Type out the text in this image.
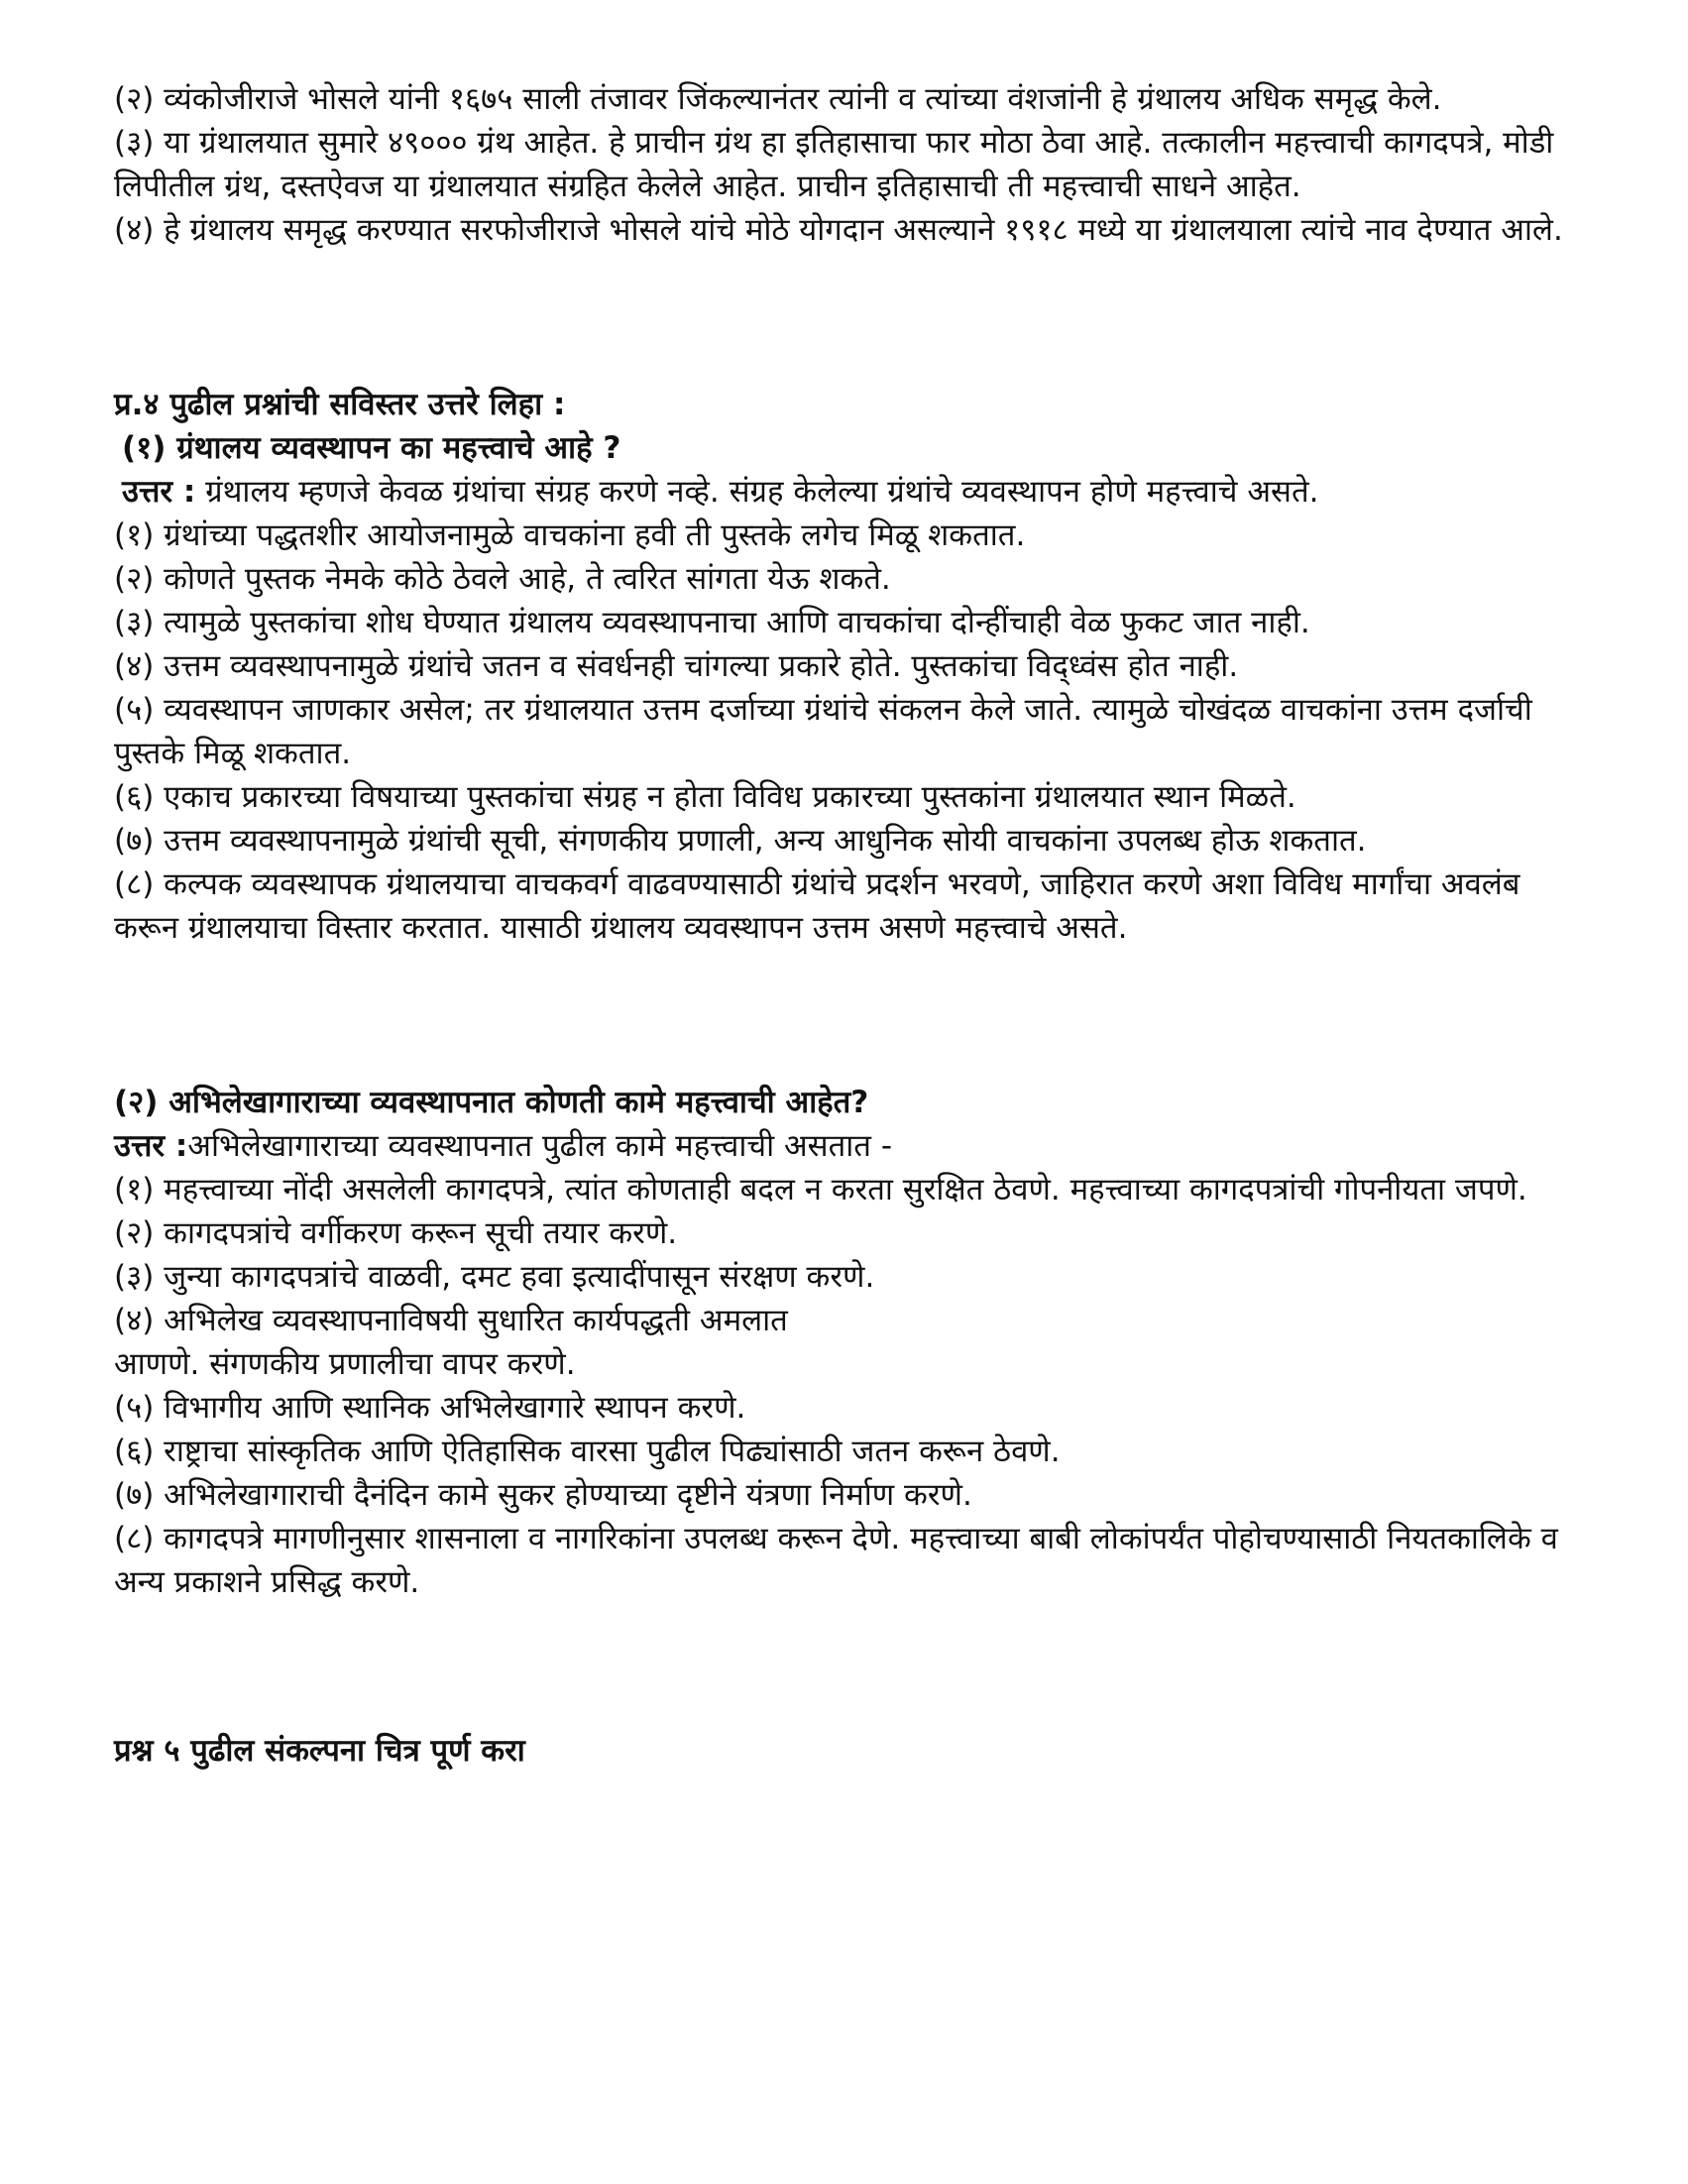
(२) व्यंकोजीराजे भोसले यांनी १६७५ साली तंजावर जिंकल्यानंतर त्यांनी व त्यांच्या वंशजांनी हे ग्रंथालय अधिक समृद्ध केले.

(३) या ग्रंथालयात सुमारे ४९००० ग्रंथ आहेत. हे प्राचीन ग्रंथ हा इतिहासाचा फार मोठा ठेवा आहे. तत्कालीन महत्त्वाची कागदपत्रे, मोडी लिपीतील ग्रंथ, दस्तऐवज या ग्रंथालयात संग्रहित केलेले आहेत. प्राचीन इतिहासाची ती महत्त्वाची साधने आहेत.

(४) हे ग्रंथालय समृद्ध करण्यात सरफोजीराजे भोसले यांचे मोठे योगदान असल्याने १९१८ मध्ये या ग्रंथालयाला त्यांचे नाव देण्यात आले.

प्र.४ पुढील प्रश्नांची सविस्तर उत्तरे लिहा :

(१) ग्रंथालय व्यवस्थापन का महत्त्वाचे आहे ?

उत्तर : ग्रंथालय म्हणजे केवळ ग्रंथांचा संग्रह करणे नव्हे. संग्रह केलेल्या ग्रंथांचे व्यवस्थापन होणे महत्त्वाचे असते.

(१) ग्रंथांच्या पद्धतशीर आयोजनामुळे वाचकांना हवी ती पुस्तके लगेच मिळू शकतात.

(२) कोणते पुस्तक नेमके कोठे ठेवले आहे, ते त्वरित सांगता येऊ शकते.

(३) त्यामुळे पुस्तकांचा शोध घेण्यात ग्रंथालय व्यवस्थापनाचा आणि वाचकांचा दोन्हींचाही वेळ फुकट जात नाही.

(४) उत्तम व्यवस्थापनामुळे ग्रंथांचे जतन व संवर्धनही चांगल्या प्रकारे होते. पुस्तकांचा विद्ध्वंस होत नाही.

(५) व्यवस्थापन जाणकार असेल; तर ग्रंथालयात उत्तम दर्जाच्या ग्रंथांचे संकलन केले जाते. त्यामुळे चोखंदळ वाचकांना उत्तम दर्जाची पुस्तके मिळू शकतात.

(६) एकाच प्रकारच्या विषयाच्या पुस्तकांचा संग्रह न होता विविध प्रकारच्या पुस्तकांना ग्रंथालयात स्थान मिळते.

(७) उत्तम व्यवस्थापनामुळे ग्रंथांची सूची, संगणकीय प्रणाली, अन्य आधुनिक सोयी वाचकांना उपलब्ध होऊ शकतात.

(८) कल्पक व्यवस्थापक ग्रंथालयाचा वाचकवर्ग वाढवण्यासाठी ग्रंथांचे प्रदर्शन भरवणे, जाहिरात करणे अशा विविध मार्गांचा अवलंब करून ग्रंथालयाचा विस्तार करतात. यासाठी ग्रंथालय व्यवस्थापन उत्तम असणे महत्त्वाचे असते.

(२) अभिलेखागाराच्या व्यवस्थापनात कोणती कामे महत्त्वाची आहेत?

उत्तर :अभिलेखागाराच्या व्यवस्थापनात पुढील कामे महत्त्वाची असतात -

(१) महत्त्वाच्या नोंदी असलेली कागदपत्रे, त्यांत कोणताही बदल न करता सुरक्षित ठेवणे. महत्त्वाच्या कागदपत्रांची गोपनीयता जपणे.

(२) कागदपत्रांचे वर्गीकरण करून सूची तयार करणे.

(३) जुन्या कागदपत्रांचे वाळवी, दमट हवा इत्यादींपासून संरक्षण करणे.

(४) अभिलेख व्यवस्थापनाविषयी सुधारित कार्यपद्धती अमलात

आणणे. संगणकीय प्रणालीचा वापर करणे.

(५) विभागीय आणि स्थानिक अभिलेखागारे स्थापन करणे.

(६) राष्ट्राचा सांस्कृतिक आणि ऐतिहासिक वारसा पुढील पिढ्यांसाठी जतन करून ठेवणे.

(७) अभिलेखागाराची दैनंदिन कामे सुकर होण्याच्या दृष्टीने यंत्रणा निर्माण करणे.

(८) कागदपत्रे मागणीनुसार शासनाला व नागरिकांना उपलब्ध करून देणे. महत्त्वाच्या बाबी लोकांपर्यंत पोहोचण्यासाठी नियतकालिके व अन्य प्रकाशने प्रसिद्ध करणे.

प्रश्न ५ पुढील संकल्पना चित्र पूर्ण करा
